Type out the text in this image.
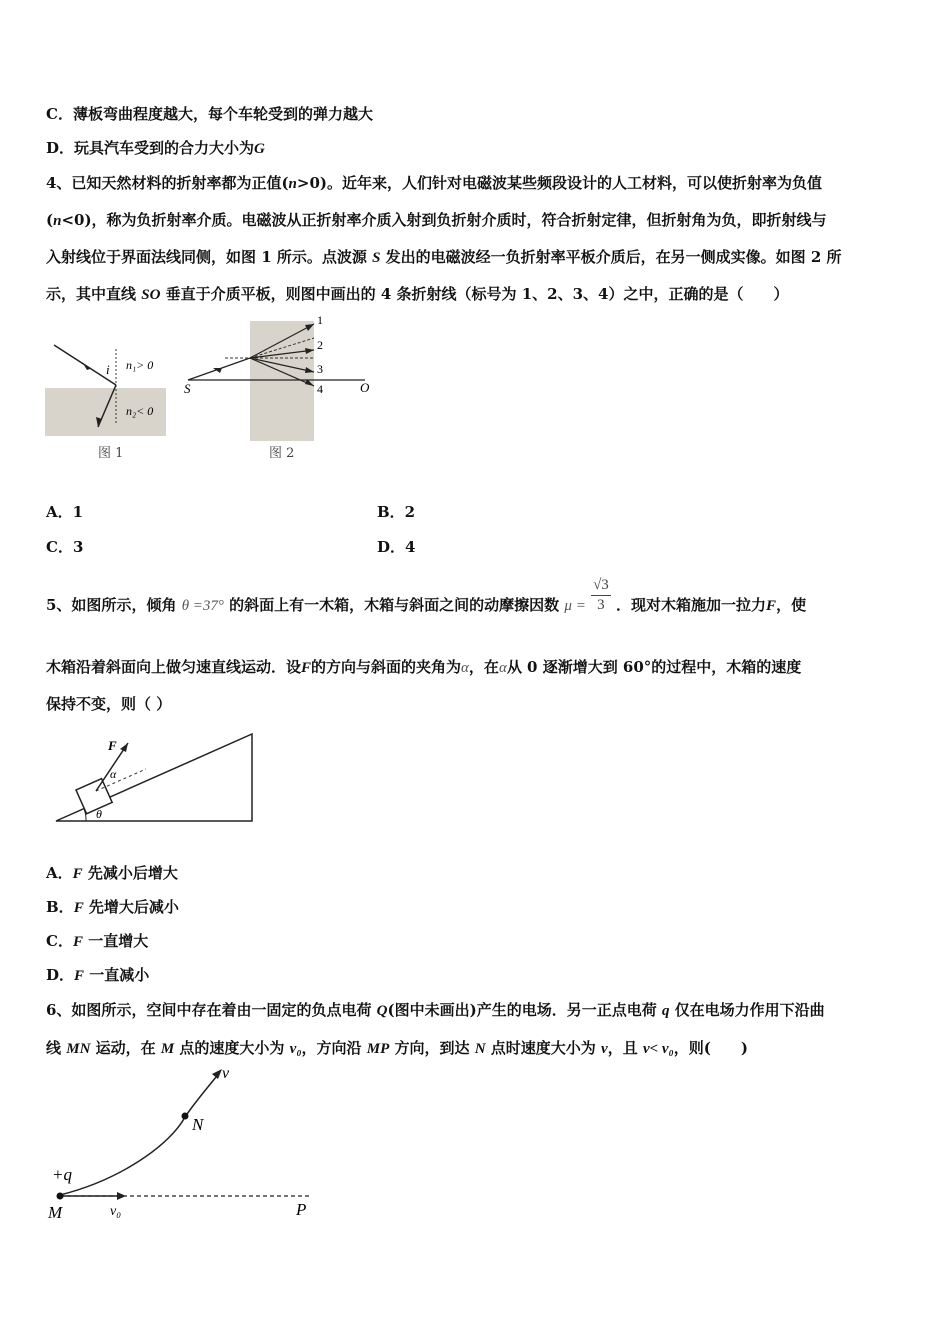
C．薄板弯曲程度越大，每个车轮受到的弹力越大
D．玩具汽车受到的合力大小为G
4、已知天然材料的折射率都为正值(n>0)。近年来，人们针对电磁波某些频段设计的人工材料，可以使折射率为负值
(n<0)，称为负折射率介质。电磁波从正折射率介质入射到负折射介质时，符合折射定律，但折射角为负，即折射线与
入射线位于界面法线同侧，如图 1 所示。点波源 S 发出的电磁波经一负折射率平板介质后，在另一侧成实像。如图 2 所
示，其中直线 SO 垂直于介质平板，则图中画出的 4 条折射线（标号为 1、2、3、4）之中，正确的是（　　）
i n₁> 0
n₂< 0
图 1
1
2
3
4
S	O
图 2
A．1	B．2
C．3	D．4
5、如图所示，倾角 θ =37° 的斜面上有一木箱，木箱与斜面之间的动摩擦因数 $\mu = \frac{√3}{3}$ ．现对木箱施加一拉力F，使
木箱沿着斜面向上做匀速直线运动．设F的方向与斜面的夹角为α，在α从 0 逐渐增大到 60°的过程中，木箱的速度
保持不变，则（ ）
F
α
θ
A．F 先减小后增大
B．F 先增大后减小
C．F 一直增大
D．F 一直减小
6、如图所示，空间中存在着由一固定的负点电荷 Q(图中未画出)产生的电场．另一正点电荷 q 仅在电场力作用下沿曲
线 MN 运动，在 M 点的速度大小为 v₀，方向沿 MP 方向，到达 N 点时速度大小为 v，且 v< v₀，则(　　)
v
N
+q
M	v₀	P
